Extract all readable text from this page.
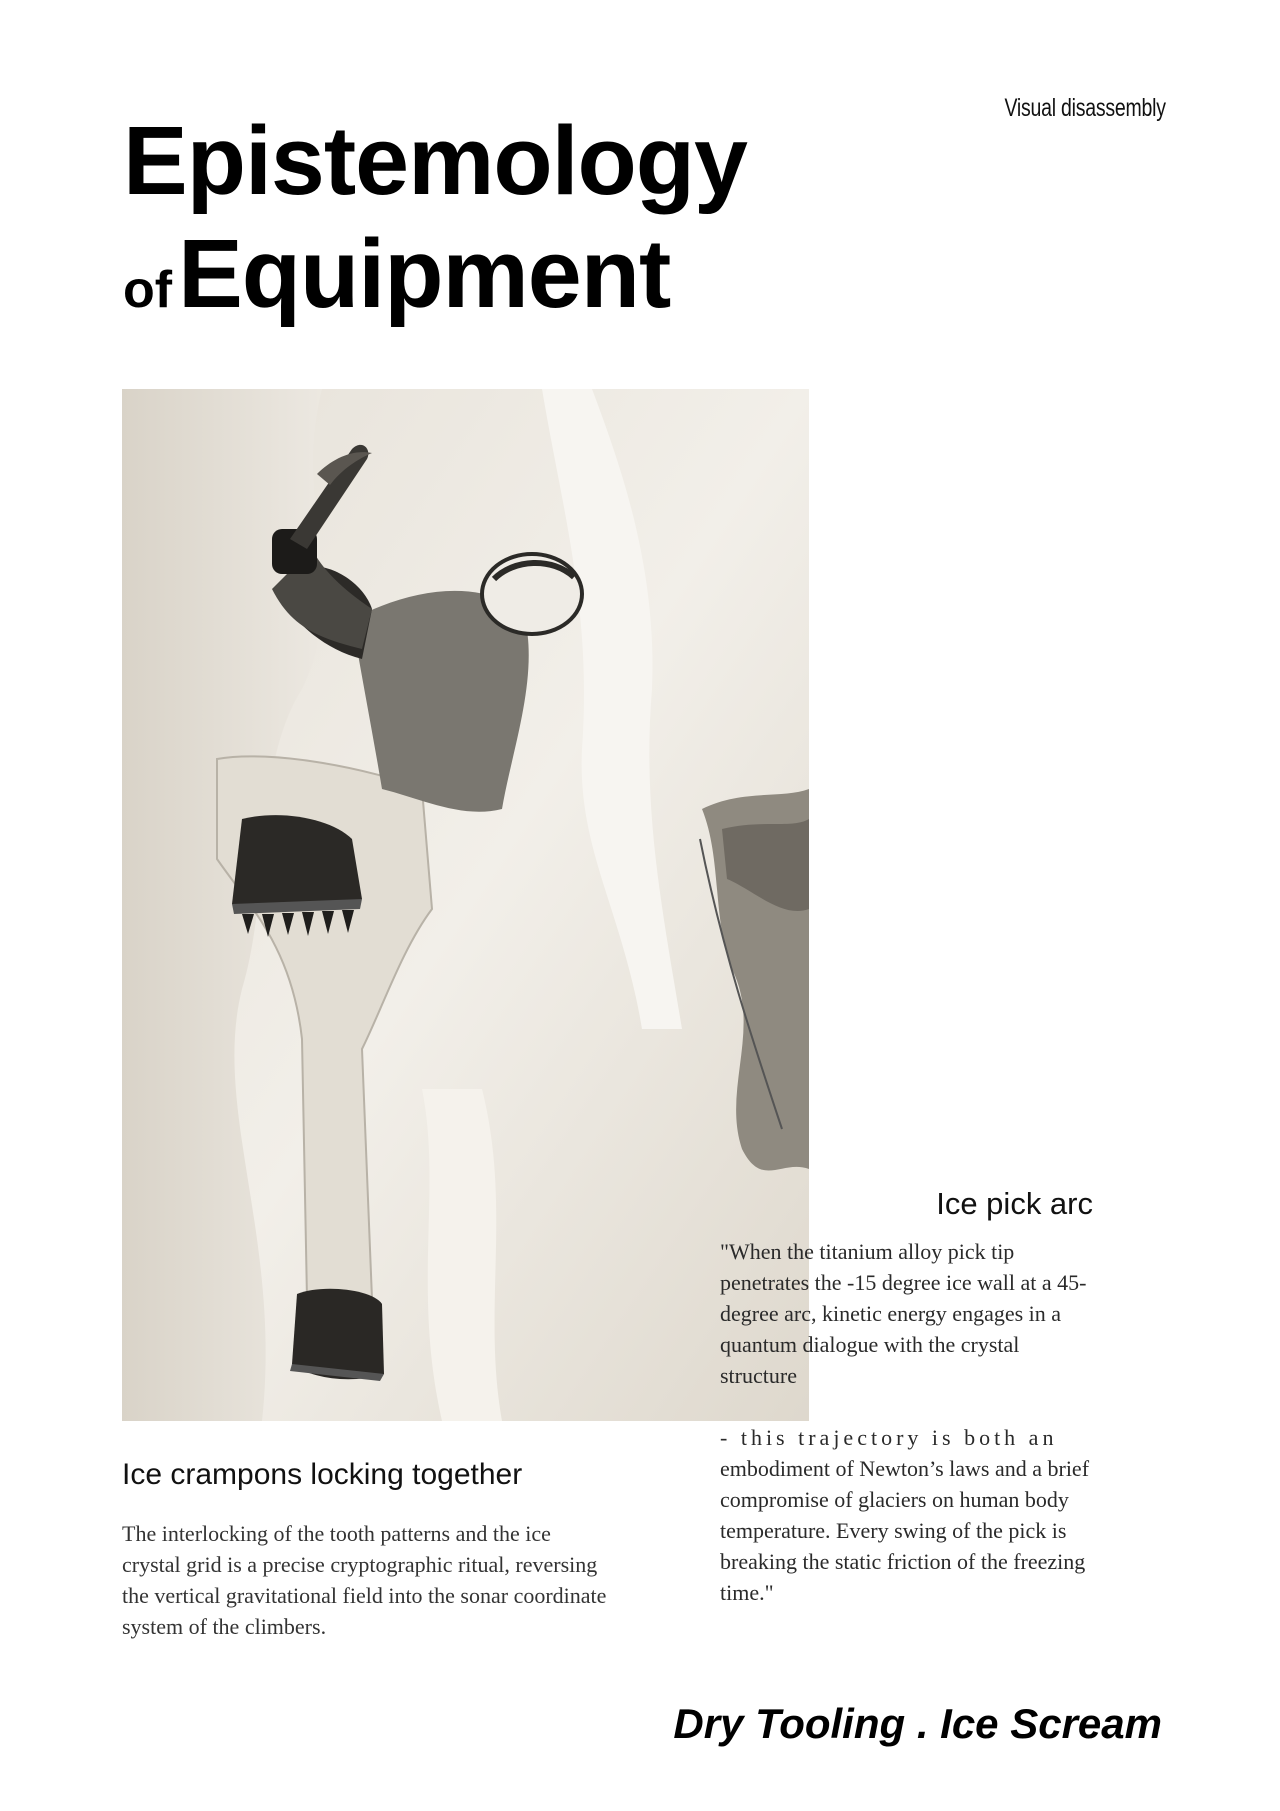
Visual disassembly
Epistemology
ofEquipment
Ice pick arc

"When the titanium alloy pick tip penetrates the -15 degree ice wall at a 45-degree arc, kinetic energy engages in a quantum dialogue with the crystal structure

- this trajectory is both an embodiment of Newton’s laws and a brief compromise of glaciers on human body temperature. Every swing of the pick is breaking the static friction of the freezing time."

Ice crampons locking together
The interlocking of the tooth patterns and the ice crystal grid is a precise cryptographic ritual, reversing the vertical gravitational field into the sonar coordinate system of the climbers.
Dry Tooling . Ice Scream
